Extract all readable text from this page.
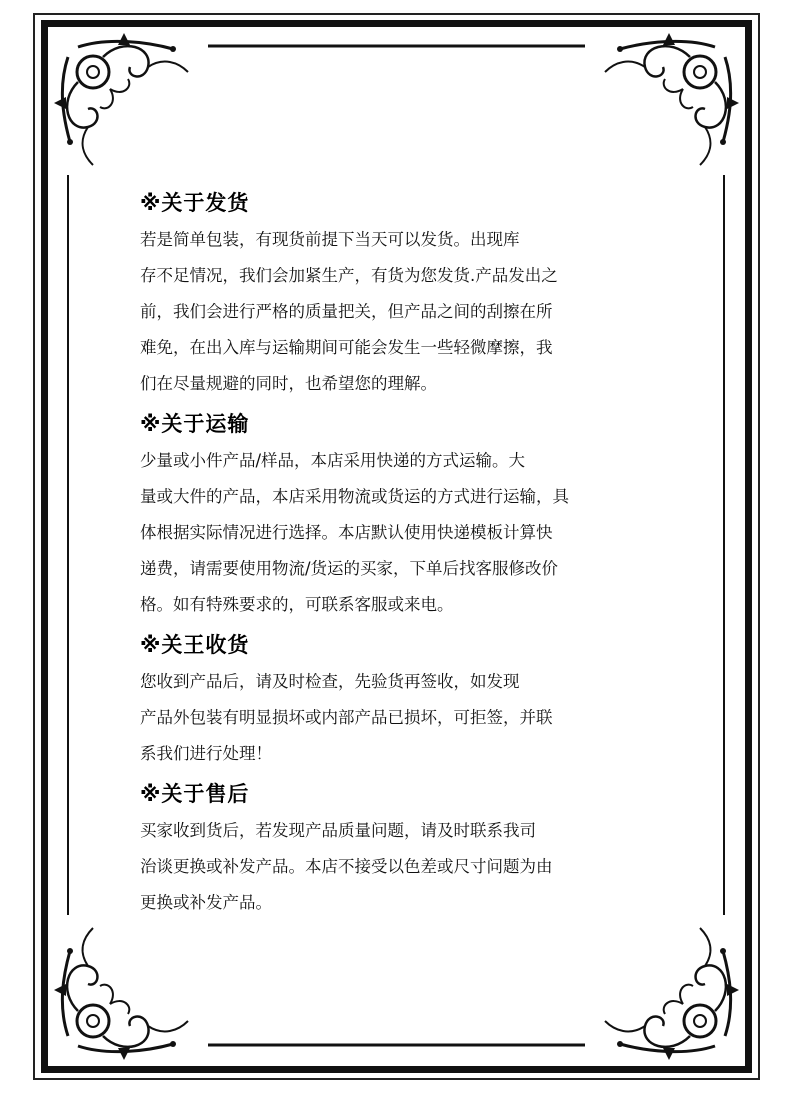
※关于发货

若是简单包装，有现货前提下当天可以发货。出现库

存不足情况，我们会加紧生产，有货为您发货.产品发出之

前，我们会进行严格的质量把关，但产品之间的刮擦在所

难免，在出入库与运输期间可能会发生一些轻微摩擦，我

们在尽量规避的同时，也希望您的理解。

※关于运输

少量或小件产品/样品，本店采用快递的方式运输。大

量或大件的产品，本店采用物流或货运的方式进行运输，具

体根据实际情况进行选择。本店默认使用快递模板计算快

递费，请需要使用物流/货运的买家，下单后找客服修改价

格。如有特殊要求的，可联系客服或来电。

※关王收货

您收到产品后，请及时检查，先验货再签收，如发现

产品外包装有明显损坏或内部产品已损坏，可拒签，并联

系我们进行处理！

※关于售后

买家收到货后，若发现产品质量问题，请及时联系我司

治谈更换或补发产品。本店不接受以色差或尺寸问题为由

更换或补发产品。
